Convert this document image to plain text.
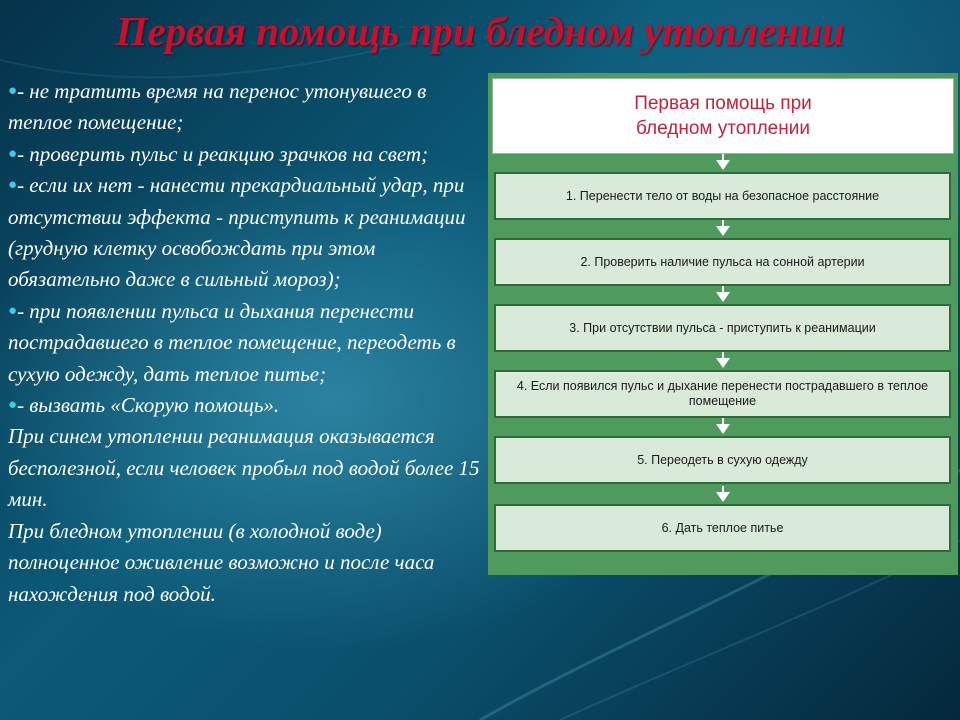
Первая помощь при бледном утоплении

●- не тратить время на перенос утонувшего в теплое помещение;

●- проверить пульс и реакцию зрачков на свет;

●- если их нет - нанести прекардиальный удар, при отсутствии эффекта - приступить к реанимации (грудную клетку освобождать при этом обязательно даже в сильный мороз);

●- при появлении пульса и дыхания перенести пострадавшего в теплое помещение, переодеть в сухую одежду, дать теплое питье;

●- вызвать «Скорую помощь».

При синем утоплении реанимация оказывается бесполезной, если человек пробыл под водой более 15 мин.

При бледном утоплении (в холодной воде) полноценное оживление возможно и после часа нахождения под водой.

Первая помощь при
бледном утоплении
1. Перенести тело от воды на безопасное расстояние
2. Проверить наличие пульса на сонной артерии
3. При отсутствии пульса - приступить к реанимации
4. Если появился пульс и дыхание перенести пострадавшего в теплое помещение
5. Переодеть в сухую одежду
6. Дать теплое питье
